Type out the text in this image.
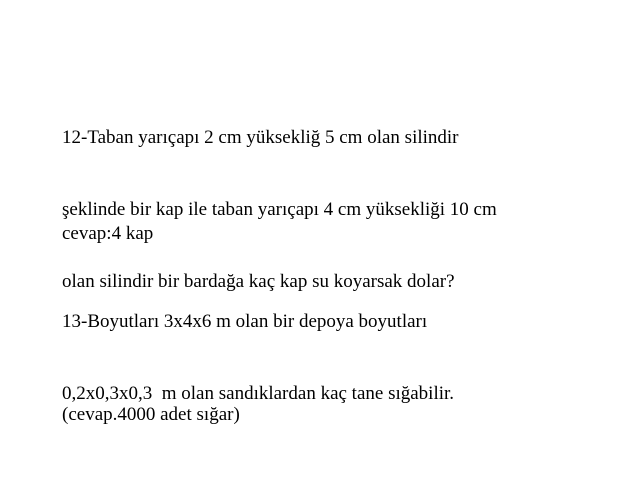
12-Taban yarıçapı 2 cm yüksekliğ 5 cm olan silindir

şeklinde bir kap ile taban yarıçapı 4 cm yüksekliği 10 cm

olan silindir bir bardağa kaç kap su koyarsak dolar?

cevap:4 kap

13-Boyutları 3x4x6 m olan bir depoya boyutları

0,2x0,3x0,3  m olan sandıklardan kaç tane sığabilir.

(cevap.4000 adet sığar)
